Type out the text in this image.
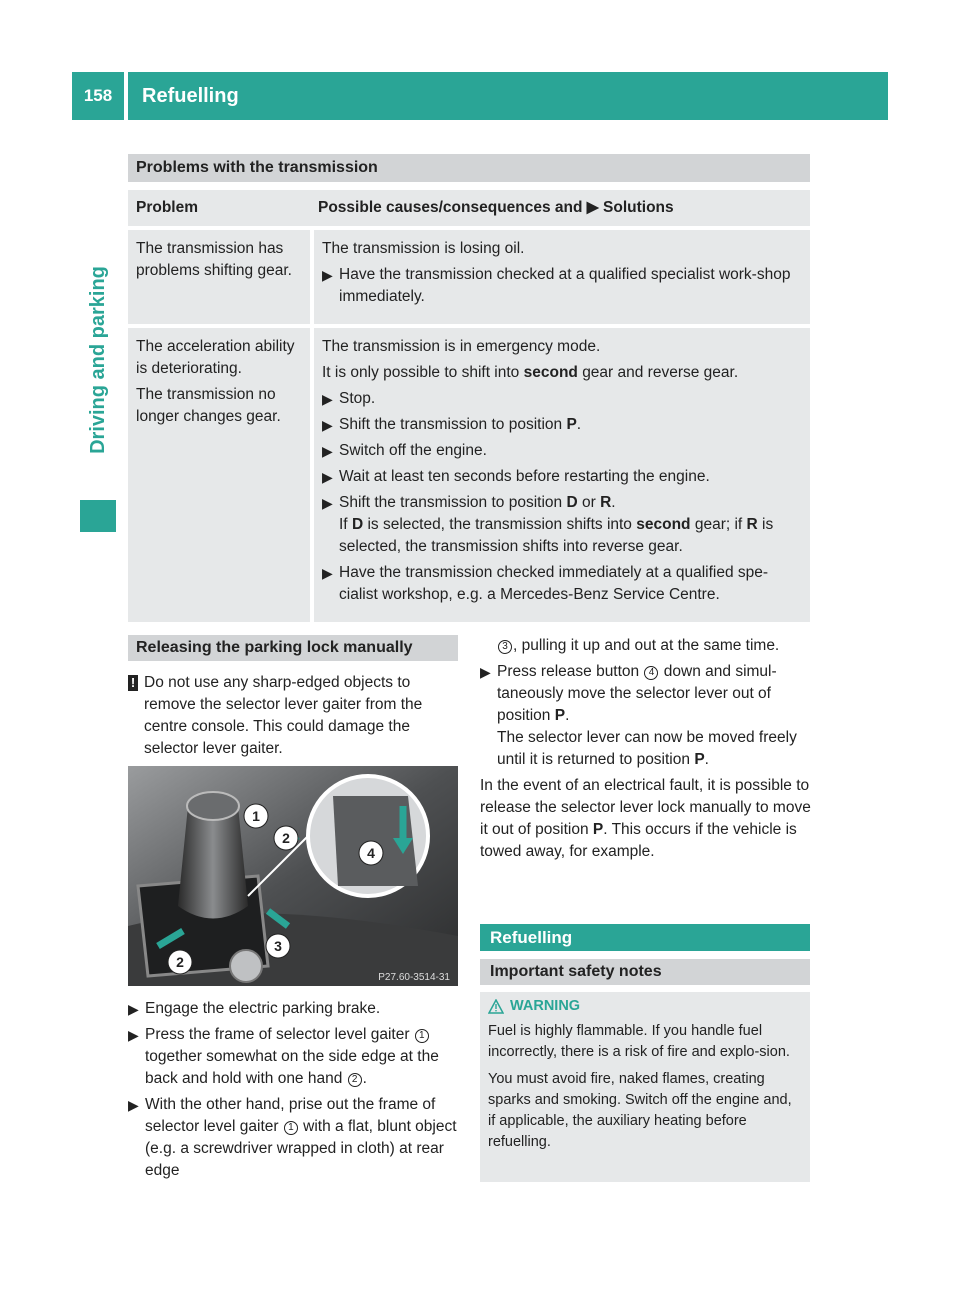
158	Refuelling
Driving and parking
Problems with the transmission
Problem	Possible causes/consequences and
▶
Solutions
The transmission has problems shifting gear.

The transmission is losing oil.

▶ Have the transmission checked at a qualified specialist work-shop immediately.

The acceleration ability is deteriorating.

The transmission no longer changes gear.

The transmission is in emergency mode.

It is only possible to shift into second gear and reverse gear.

▶ Stop.

▶ Shift the transmission to position P.

▶ Switch off the engine.

▶ Wait at least ten seconds before restarting the engine.

▶ Shift the transmission to position D or R.
If D is selected, the transmission shifts into second gear; if R is selected, the transmission shifts into reverse gear.

▶ Have the transmission checked immediately at a qualified spe-cialist workshop, e.g. a Mercedes-Benz Service Centre.

Releasing the parking lock manually
! Do not use any sharp-edged objects to remove the selector lever gaiter from the centre console. This could damage the selector lever gaiter.
1
2
2
3
4
P27.60-3514-31

▶ Engage the electric parking brake.

▶ Press the frame of selector level gaiter 1 together somewhat on the side edge at the back and hold with one hand 2 .

▶ With the other hand, prise out the frame of selector level gaiter 1 with a flat, blunt object (e.g. a screwdriver wrapped in cloth) at rear edge

3 , pulling it up and out at the same time.

▶ Press release button 4 down and simul-taneously move the selector lever out of position P.
The selector lever can now be moved freely until it is returned to position P.

In the event of an electrical fault, it is possible to release the selector lever lock manually to move it out of position P. This occurs if the vehicle is towed away, for example.

Refuelling
Important safety notes
WARNING

Fuel is highly flammable. If you handle fuel incorrectly, there is a risk of fire and explo-sion.

You must avoid fire, naked flames, creating sparks and smoking. Switch off the engine and, if applicable, the auxiliary heating before refuelling.
